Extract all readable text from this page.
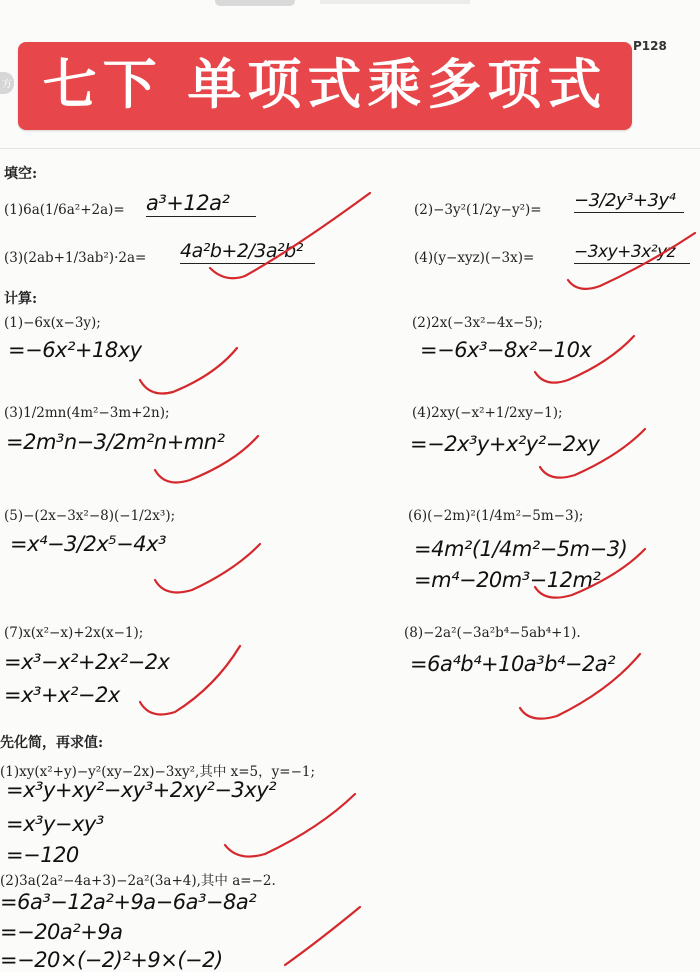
方 七下 单项式乘多项式
P128
填空:
(1)6a(1/6a²+2a)= a³+12a²	(2)−3y²(1/2y−y²)= −3/2y³+3y⁴
(3)(2ab+1/3ab²)·2a= 4a²b+2/3a²b²	(4)(y−xyz)(−3x)= −3xy+3x²yz
计算:
(1)−6x(x−3y);
=−6x²+18xy
(2)2x(−3x²−4x−5);
=−6x³−8x²−10x
(3)1/2mn(4m²−3m+2n);
=2m³n−3/2m²n+mn²
(4)2xy(−x²+1/2xy−1);
=−2x³y+x²y²−2xy
(5)−(2x−3x²−8)(−1/2x³);
=x⁴−3/2x⁵−4x³
(6)(−2m)²(1/4m²−5m−3);
=4m²(1/4m²−5m−3)
=m⁴−20m³−12m²
(7)x(x²−x)+2x(x−1);
=x³−x²+2x²−2x
=x³+x²−2x
(8)−2a²(−3a²b⁴−5ab⁴+1).
=6a⁴b⁴+10a³b⁴−2a²
先化简，再求值:
(1)xy(x²+y)−y²(xy−2x)−3xy²,其中 x=5，y=−1;
=x³y+xy²−xy³+2xy²−3xy²
=x³y−xy³
=−120
(2)3a(2a²−4a+3)−2a²(3a+4),其中 a=−2.
=6a³−12a²+9a−6a³−8a²
=−20a²+9a
=−20×(−2)²+9×(−2)
